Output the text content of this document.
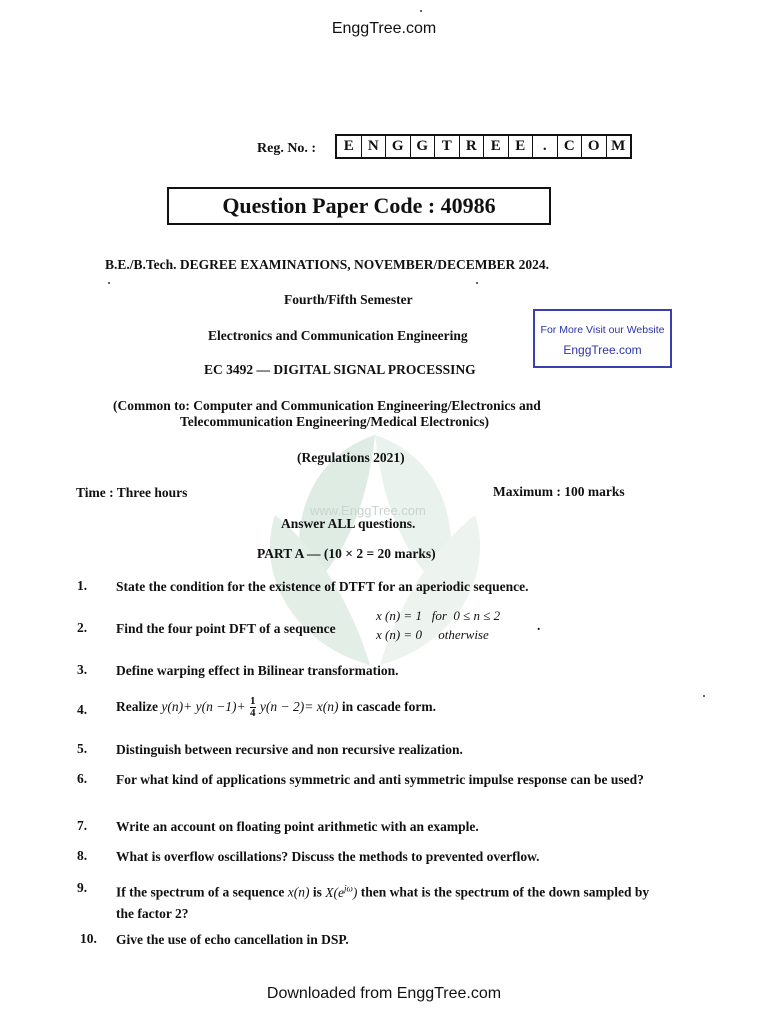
EnggTree.com
Downloaded from EnggTree.com
www.EnggTree.com
Reg. No. :	E N G G T R E E	.	C O M
Question Paper Code : 40986
B.E./B.Tech. DEGREE EXAMINATIONS, NOVEMBER/DECEMBER 2024.
Fourth/Fifth Semester
Electronics and Communication Engineering
EC 3492 — DIGITAL SIGNAL PROCESSING
(Common to: Computer and Communication Engineering/Electronics and
Telecommunication Engineering/Medical Electronics)
(Regulations 2021)
Time : Three hours	Maximum : 100 marks
Answer ALL questions.
PART A — (10 × 2 = 20 marks)
For More Visit our Website
EnggTree.com
1. State the condition for the existence of DTFT for an aperiodic sequence.
2. Find the four point DFT of a sequence
x (n) = 1   for  0 ≤ n ≤ 2
x (n) = 0     otherwise
.
3. Define warping effect in Bilinear transformation.
4. Realize $y(n)+ y(n -1)+ \frac{1}{4} y(n - 2)= x(n)$ in cascade form.
5. Distinguish between recursive and non recursive realization.
6. For what kind of applications symmetric and anti symmetric impulse response can be used?
7. Write an account on floating point arithmetic with an example.
8. What is overflow oscillations? Discuss the methods to prevented overflow.
9. If the spectrum of a sequence x(n) is $X(e^{j\omega})$ then what is the spectrum of the down sampled by the factor 2?
10. Give the use of echo cancellation in DSP.
